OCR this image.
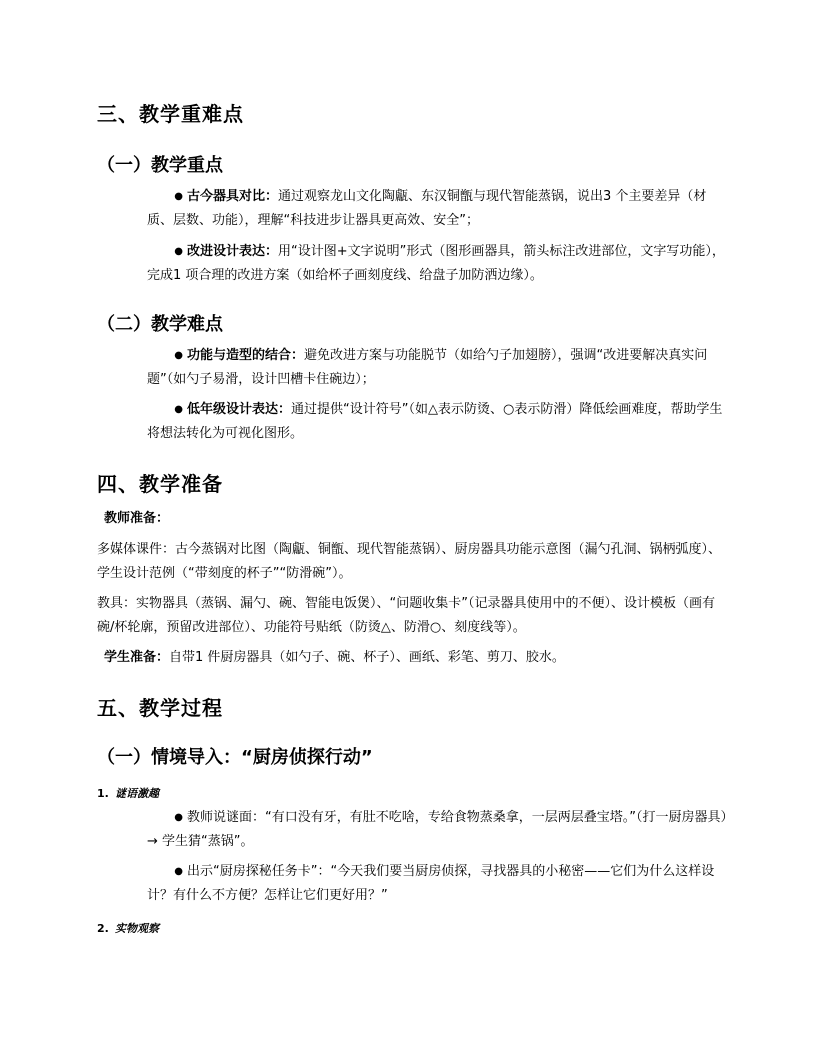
三、教学重难点
（一）教学重点
● 古今器具对比：通过观察龙山文化陶甗、东汉铜甑与现代智能蒸锅，说出3 个主要差异（材质、层数、功能），理解“科技进步让器具更高效、安全”；
● 改进设计表达：用“设计图+文字说明”形式（图形画器具，箭头标注改进部位，文字写功能），完成1 项合理的改进方案（如给杯子画刻度线、给盘子加防洒边缘）。
（二）教学难点
● 功能与造型的结合：避免改进方案与功能脱节（如给勺子加翅膀），强调“改进要解决真实问题”（如勺子易滑，设计凹槽卡住碗边）；
● 低年级设计表达：通过提供“设计符号”（如△表示防烫、○表示防滑）降低绘画难度，帮助学生将想法转化为可视化图形。
四、教学准备
教师准备：
多媒体课件：古今蒸锅对比图（陶甗、铜甑、现代智能蒸锅）、厨房器具功能示意图（漏勺孔洞、锅柄弧度）、学生设计范例（“带刻度的杯子”“防滑碗”）。
教具：实物器具（蒸锅、漏勺、碗、智能电饭煲）、“问题收集卡”（记录器具使用中的不便）、设计模板（画有碗/杯轮廓，预留改进部位）、功能符号贴纸（防烫△、防滑○、刻度线等）。
学生准备：自带1 件厨房器具（如勺子、碗、杯子）、画纸、彩笔、剪刀、胶水。
五、教学过程
（一）情境导入：“厨房侦探行动”
1. 谜语激趣
● 教师说谜面：“有口没有牙，有肚不吃啥，专给食物蒸桑拿，一层两层叠宝塔。”（打一厨房器具）→ 学生猜“蒸锅”。
● 出示“厨房探秘任务卡”：“今天我们要当厨房侦探，寻找器具的小秘密——它们为什么这样设计？有什么不方便？怎样让它们更好用？”
2. 实物观察
